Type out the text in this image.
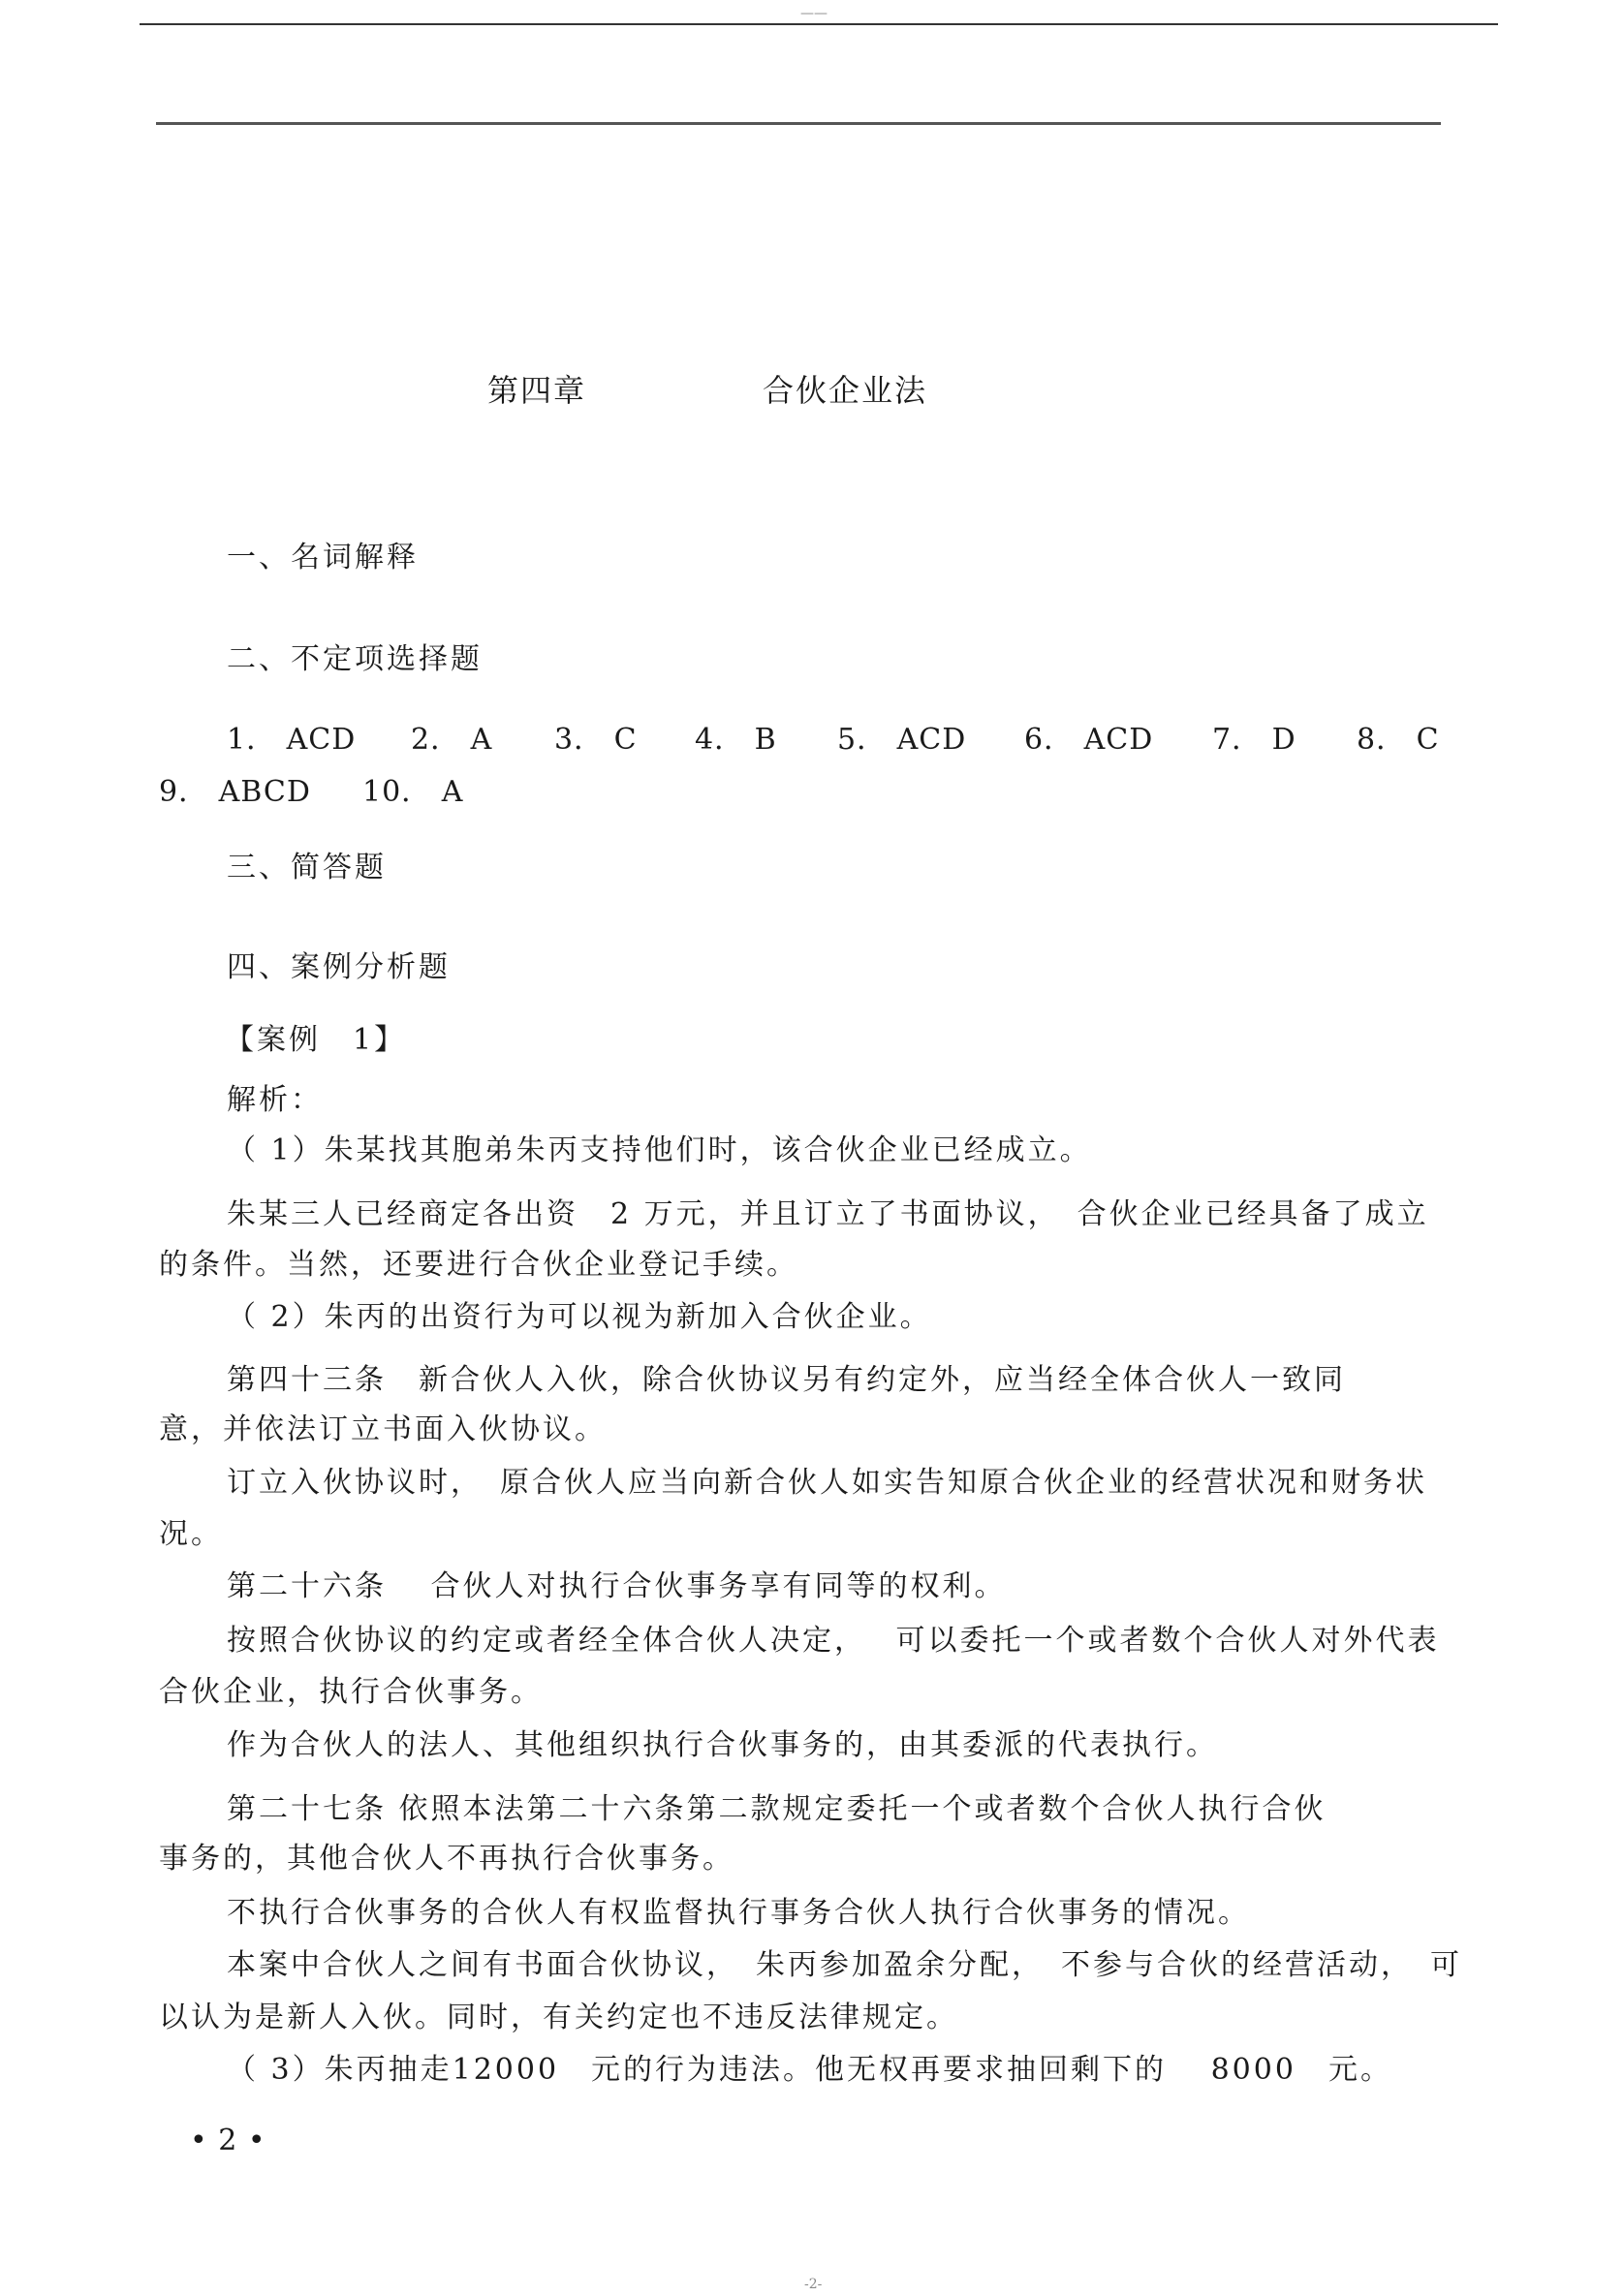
——
第四章	合伙企业法
一、名词解释
二、不定项选择题
1． ACD 2． A 3． C 4． B 5． ACD 6． ACD 7． D 8． C
9． ABCD 10． A
三、简答题
四、案例分析题
【案例　1】
解析：
（ 1）朱某找其胞弟朱丙支持他们时，该合伙企业已经成立。
朱某三人已经商定各出资　2 万元，并且订立了书面协议，　合伙企业已经具备了成立
的条件。当然，还要进行合伙企业登记手续。
（ 2）朱丙的出资行为可以视为新加入合伙企业。
第四十三条　新合伙人入伙，除合伙协议另有约定外，应当经全体合伙人一致同
意，并依法订立书面入伙协议。
订立入伙协议时，　原合伙人应当向新合伙人如实告知原合伙企业的经营状况和财务状
况。
第二十六条　 合伙人对执行合伙事务享有同等的权利。
按照合伙协议的约定或者经全体合伙人决定，　 可以委托一个或者数个合伙人对外代表
合伙企业，执行合伙事务。
作为合伙人的法人、其他组织执行合伙事务的，由其委派的代表执行。
第二十七条 依照本法第二十六条第二款规定委托一个或者数个合伙人执行合伙
事务的，其他合伙人不再执行合伙事务。
不执行合伙事务的合伙人有权监督执行事务合伙人执行合伙事务的情况。
本案中合伙人之间有书面合伙协议，　朱丙参加盈余分配，　不参与合伙的经营活动，　可
以认为是新人入伙。同时，有关约定也不违反法律规定。
（ 3）朱丙抽走12000　元的行为违法。他无权再要求抽回剩下的　 8000　元。
• 2 •
-2-
